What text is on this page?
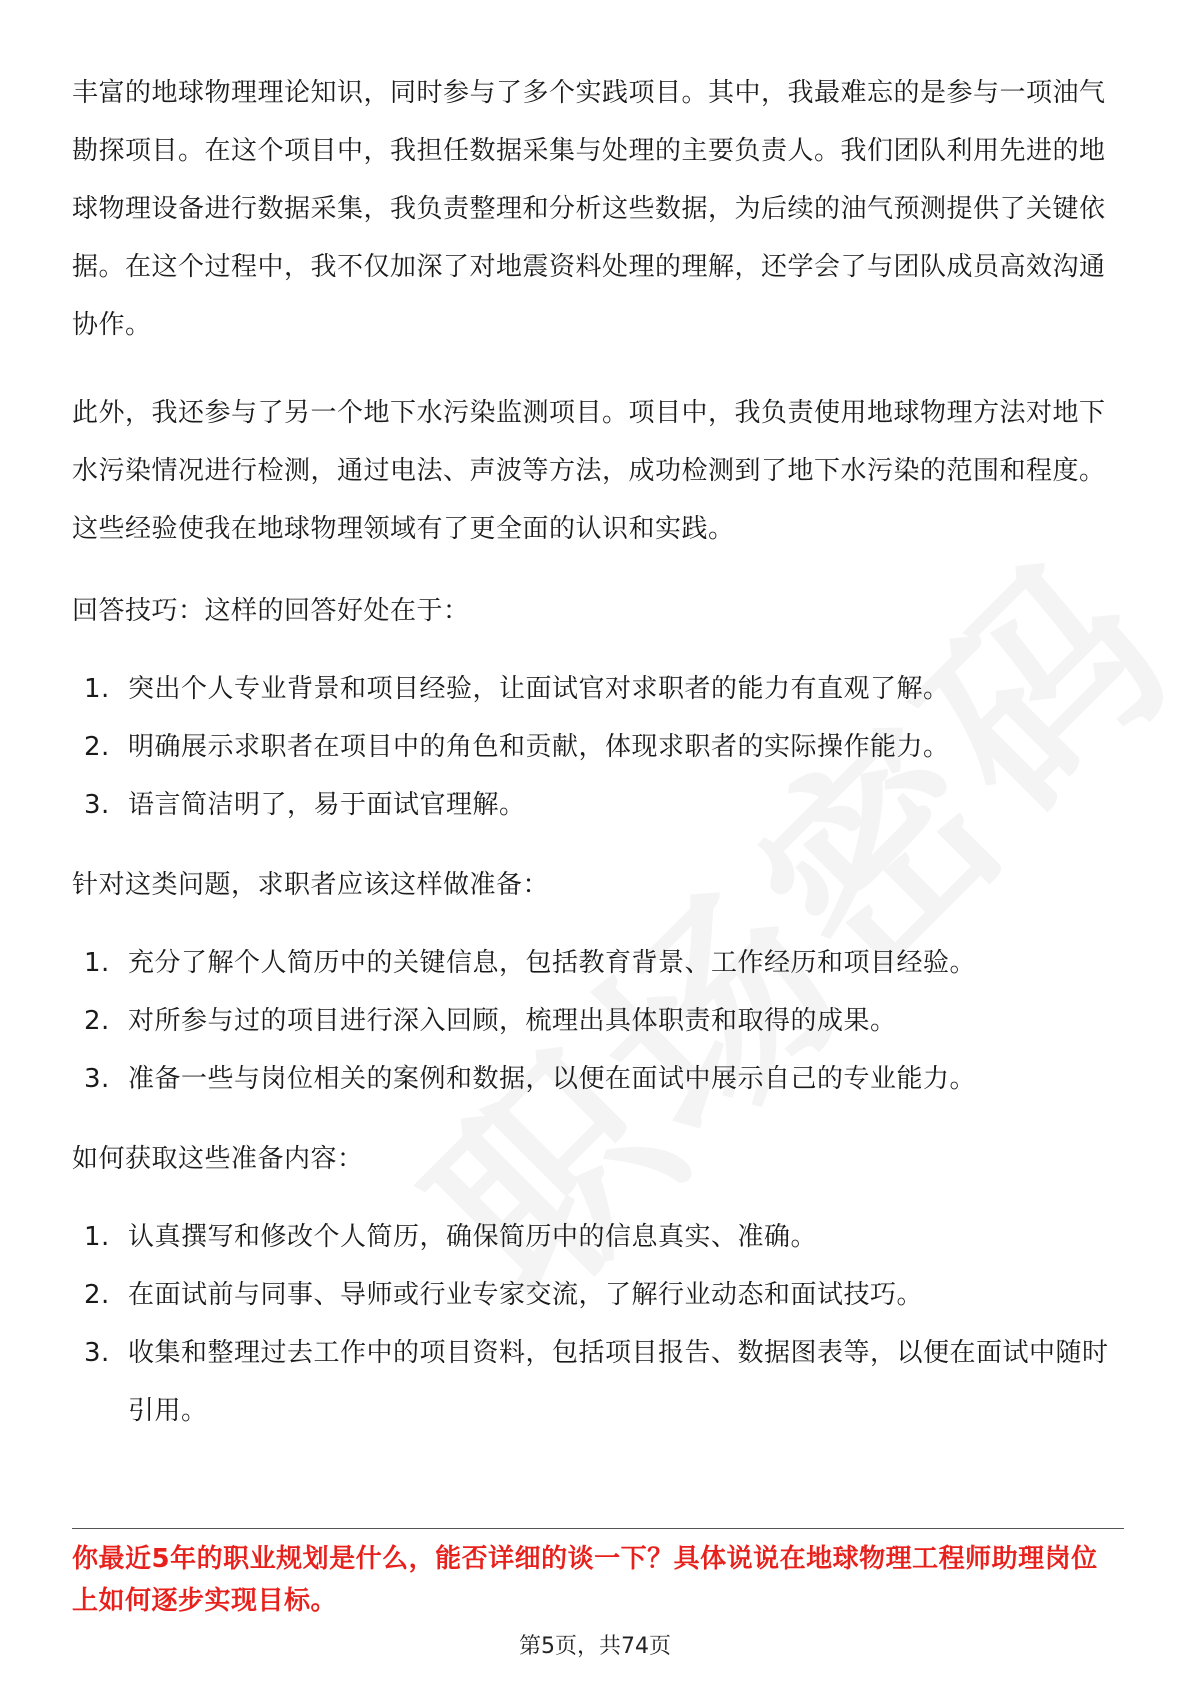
丰富的地球物理理论知识，同时参与了多个实践项目。其中，我最难忘的是参与一项油气勘探项目。在这个项目中，我担任数据采集与处理的主要负责人。我们团队利用先进的地球物理设备进行数据采集，我负责整理和分析这些数据，为后续的油气预测提供了关键依据。在这个过程中，我不仅加深了对地震资料处理的理解，还学会了与团队成员高效沟通协作。

此外，我还参与了另一个地下水污染监测项目。项目中，我负责使用地球物理方法对地下水污染情况进行检测，通过电法、声波等方法，成功检测到了地下水污染的范围和程度。这些经验使我在地球物理领域有了更全面的认识和实践。

回答技巧：这样的回答好处在于：

1. 突出个人专业背景和项目经验，让面试官对求职者的能力有直观了解。
2. 明确展示求职者在项目中的角色和贡献，体现求职者的实际操作能力。
3. 语言简洁明了，易于面试官理解。

针对这类问题，求职者应该这样做准备：

1. 充分了解个人简历中的关键信息，包括教育背景、工作经历和项目经验。
2. 对所参与过的项目进行深入回顾，梳理出具体职责和取得的成果。
3. 准备一些与岗位相关的案例和数据，以便在面试中展示自己的专业能力。

如何获取这些准备内容：

1. 认真撰写和修改个人简历，确保简历中的信息真实、准确。
2. 在面试前与同事、导师或行业专家交流，了解行业动态和面试技巧。
3. 收集和整理过去工作中的项目资料，包括项目报告、数据图表等，以便在面试中随时引用。

你最近5年的职业规划是什么，能否详细的谈一下？具体说说在地球物理工程师助理岗位上如何逐步实现目标。

第5页，共74页
